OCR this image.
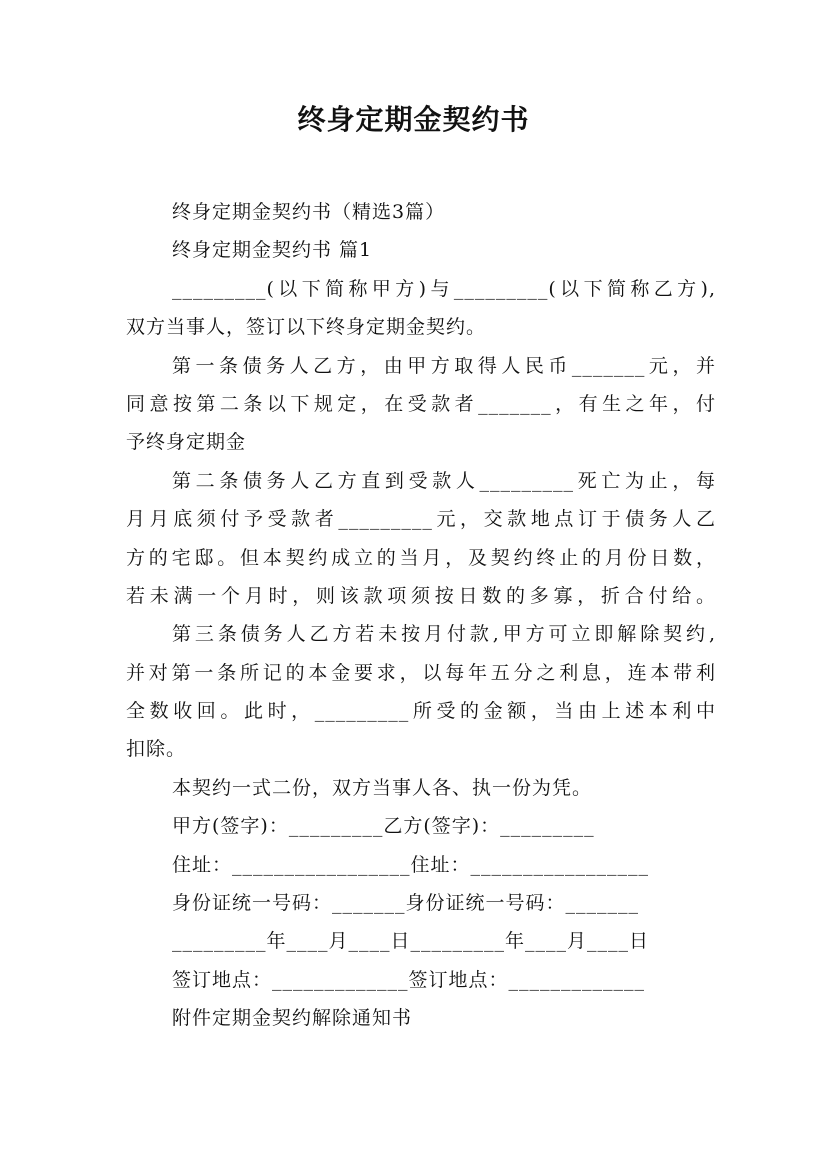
终身定期金契约书
终身定期金契约书（精选3篇）
终身定期金契约书 篇1
_________(以下简称甲方)与_________(以下简称乙方),
双方当事人，签订以下终身定期金契约。
第一条债务人乙方，由甲方取得人民币_______元，并
同意按第二条以下规定，在受款者_______，有生之年，付
予终身定期金
第二条债务人乙方直到受款人_________死亡为止，每
月月底须付予受款者_________元，交款地点订于债务人乙
方的宅邸。但本契约成立的当月，及契约终止的月份日数，
若未满一个月时，则该款项须按日数的多寡，折合付给。
第三条债务人乙方若未按月付款,甲方可立即解除契约,
并对第一条所记的本金要求，以每年五分之利息，连本带利
全数收回。此时，_________所受的金额，当由上述本利中
扣除。
本契约一式二份，双方当事人各、执一份为凭。
甲方(签字)：_________乙方(签字)：_________
住址：_________________住址：_________________
身份证统一号码：_______身份证统一号码：_______
_________年____月____日_________年____月____日
签订地点：_____________签订地点：_____________
附件定期金契约解除通知书
